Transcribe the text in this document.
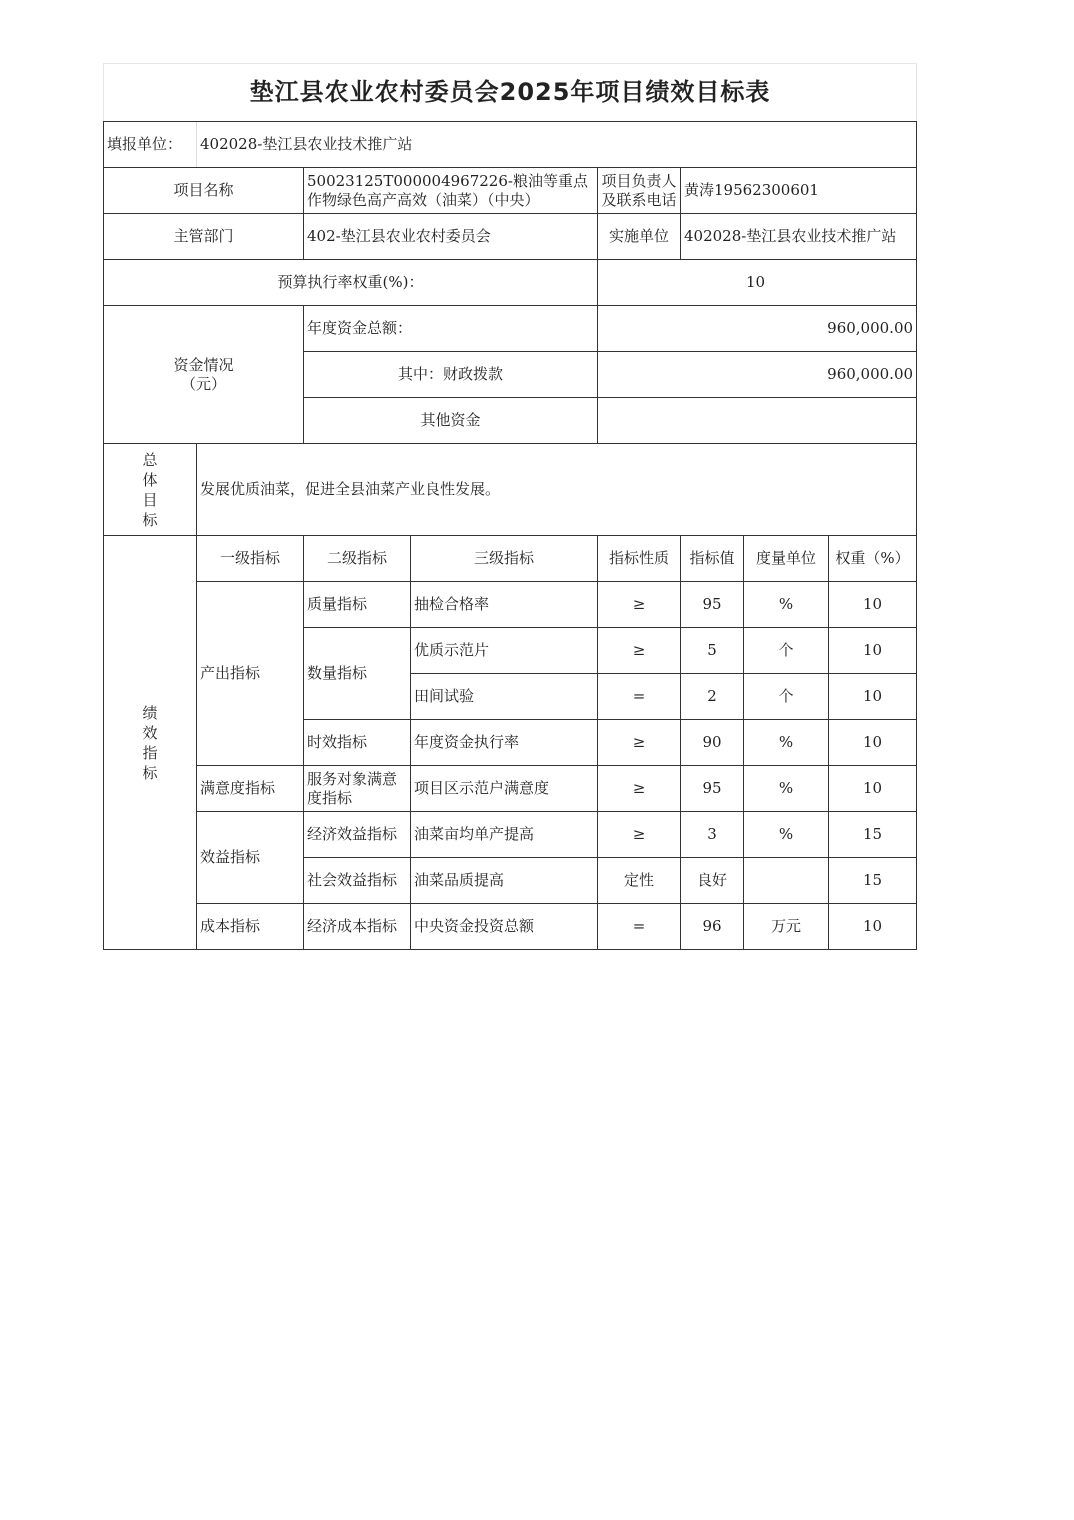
垫江县农业农村委员会2025年项目绩效目标表							
填报单位：	402028-垫江县农业技术推广站						
项目名称		50023125T000004967226-粮油等重点作物绿色高产高效（油菜）（中央）		项目负责人及联系电话	黄涛19562300601		
主管部门		402-垫江县农业农村委员会		实施单位	402028-垫江县农业技术推广站		
预算执行率权重(%)：				10			

资金情况
（元）		年度资金总额：		960,000.00			
		其中：财政拨款		960,000.00			
		其他资金					

总
体
目
标	发展优质油菜，促进全县油菜产业良性发展。						

绩
效
指
标	一级指标	二级指标	三级指标	指标性质	指标值	度量单位	权重（%）
	产出指标	质量指标	抽检合格率	≥	95	%	10
		数量指标	优质示范片	≥	5	个	10
			田间试验	=	2	个	10
		时效指标	年度资金执行率	≥	90	%	10
	满意度指标	服务对象满意度指标	项目区示范户满意度	≥	95	%	10
	效益指标	经济效益指标	油菜亩均单产提高	≥	3	%	15
		社会效益指标	油菜品质提高	定性	良好		15
	成本指标	经济成本指标	中央资金投资总额	=	96	万元	10
